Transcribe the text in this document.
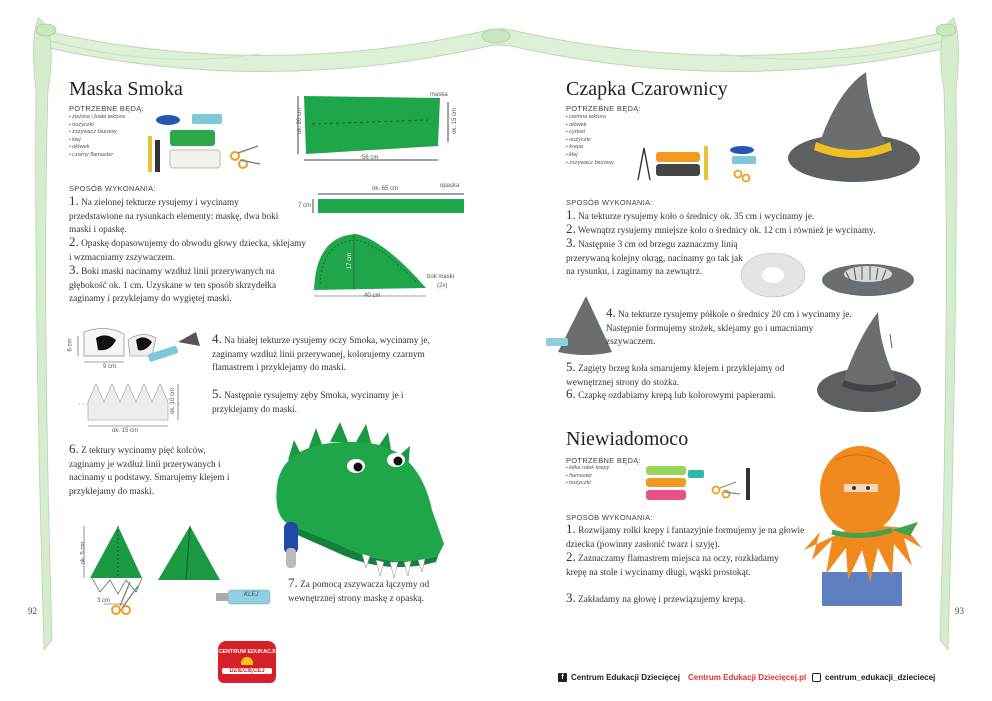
Maska Smoka
POTRZEBNE BĘDĄ:
▪ zielona i biała tektura
▪ nożyczki
▪ zszywacz biurowy
▪ klej
▪ ołówek
▪ czarny flamaster
SPOSÓB WYKONANIA:
1. Na zielonej tekturze rysujemy i wycinamy przedstawione na rysunkach elementy: maskę, dwa boki maski i opaskę.
2. Opaskę dopasowujemy do obwodu głowy dziecka, sklejamy i wzmacniamy zszywaczem.
3. Boki maski nacinamy wzdłuż linii przerywanych na głębokość ok. 1 cm. Uzyskane w ten sposób skrzydełka zaginamy i przyklejamy do wygiętej maski.
maska
ok. 20 cm	ok. 15 cm
56 cm
opaska
ok. 65 cm
7 cm
17 cm
40 cm
bok maski
(2x)
6 cm
9 cm
4. Na białej tekturze rysujemy oczy Smoka, wycinamy je, zaginamy wzdłuż linii przerywanej, kolorujemy czarnym flamastrem i przyklejamy do maski.
ok. 10 cm
ok. 15 cm
5. Następnie rysujemy zęby Smoka, wycinamy je i przyklejamy do maski.
6. Z tektury wycinamy pięć kolców, zaginamy je wzdłuż linii przerywanych i nacinamy u podstawy. Smarujemy klejem i przyklejamy do maski.
ok. 5 cm
3 cm
KLEJ
7. Za pomocą zszywacza łączymy od wewnętrznej strony maskę z opaską.
92
CENTRUM EDUKACJI
DZIECIĘCEJ
Czapka Czarownicy
POTRZEBNE BĘDĄ:
▪ ciemna tektura
▪ ołówek
▪ cyrkiel
▪ nożyczki
▪ krepa
▪ klej
▪ zszywacz biurowy
SPOSÓB WYKONANIA:
1. Na tekturze rysujemy koło o średnicy ok. 35 cm i wycinamy je.
2. Wewnątrz rysujemy mniejsze koło o średnicy ok. 12 cm i również je wycinamy.
3. Następnie 3 cm od brzegu zaznaczmy linią przerywaną kolejny okrąg, nacinamy go tak jak na rysunku, i zaginamy na zewnątrz.
4. Na tekturze rysujemy półkole o średnicy 20 cm i wycinamy je. Następnie formujemy stożek, sklejamy go i umacniamy zszywaczem.
5. Zagięty brzeg koła smarujemy klejem i przyklejamy od wewnętrznej strony do stożka.
6. Czapkę ozdabiamy krepą lub kolorowymi papierami.
Niewiadomoco
POTRZEBNE BĘDĄ:
▪ kilka rolek krepy
▪ flamaster
▪ nożyczki
SPOSÓB WYKONANIA:
1. Rozwijamy rolki krepy i fantazyjnie formujemy je na głowie dziecka (powinny zasłonić twarz i szyję).
2. Zaznaczamy flamastrem miejsca na oczy, rozkładamy krepę na stole i wycinamy długi, wąski prostokąt.
3. Zakładamy na głowę i przewiązujemy krepą.
93
f Centrum Edukacji Dziecięcej Centrum Edukacji Dziecięcej.pl centrum_edukacji_dzieciecej
